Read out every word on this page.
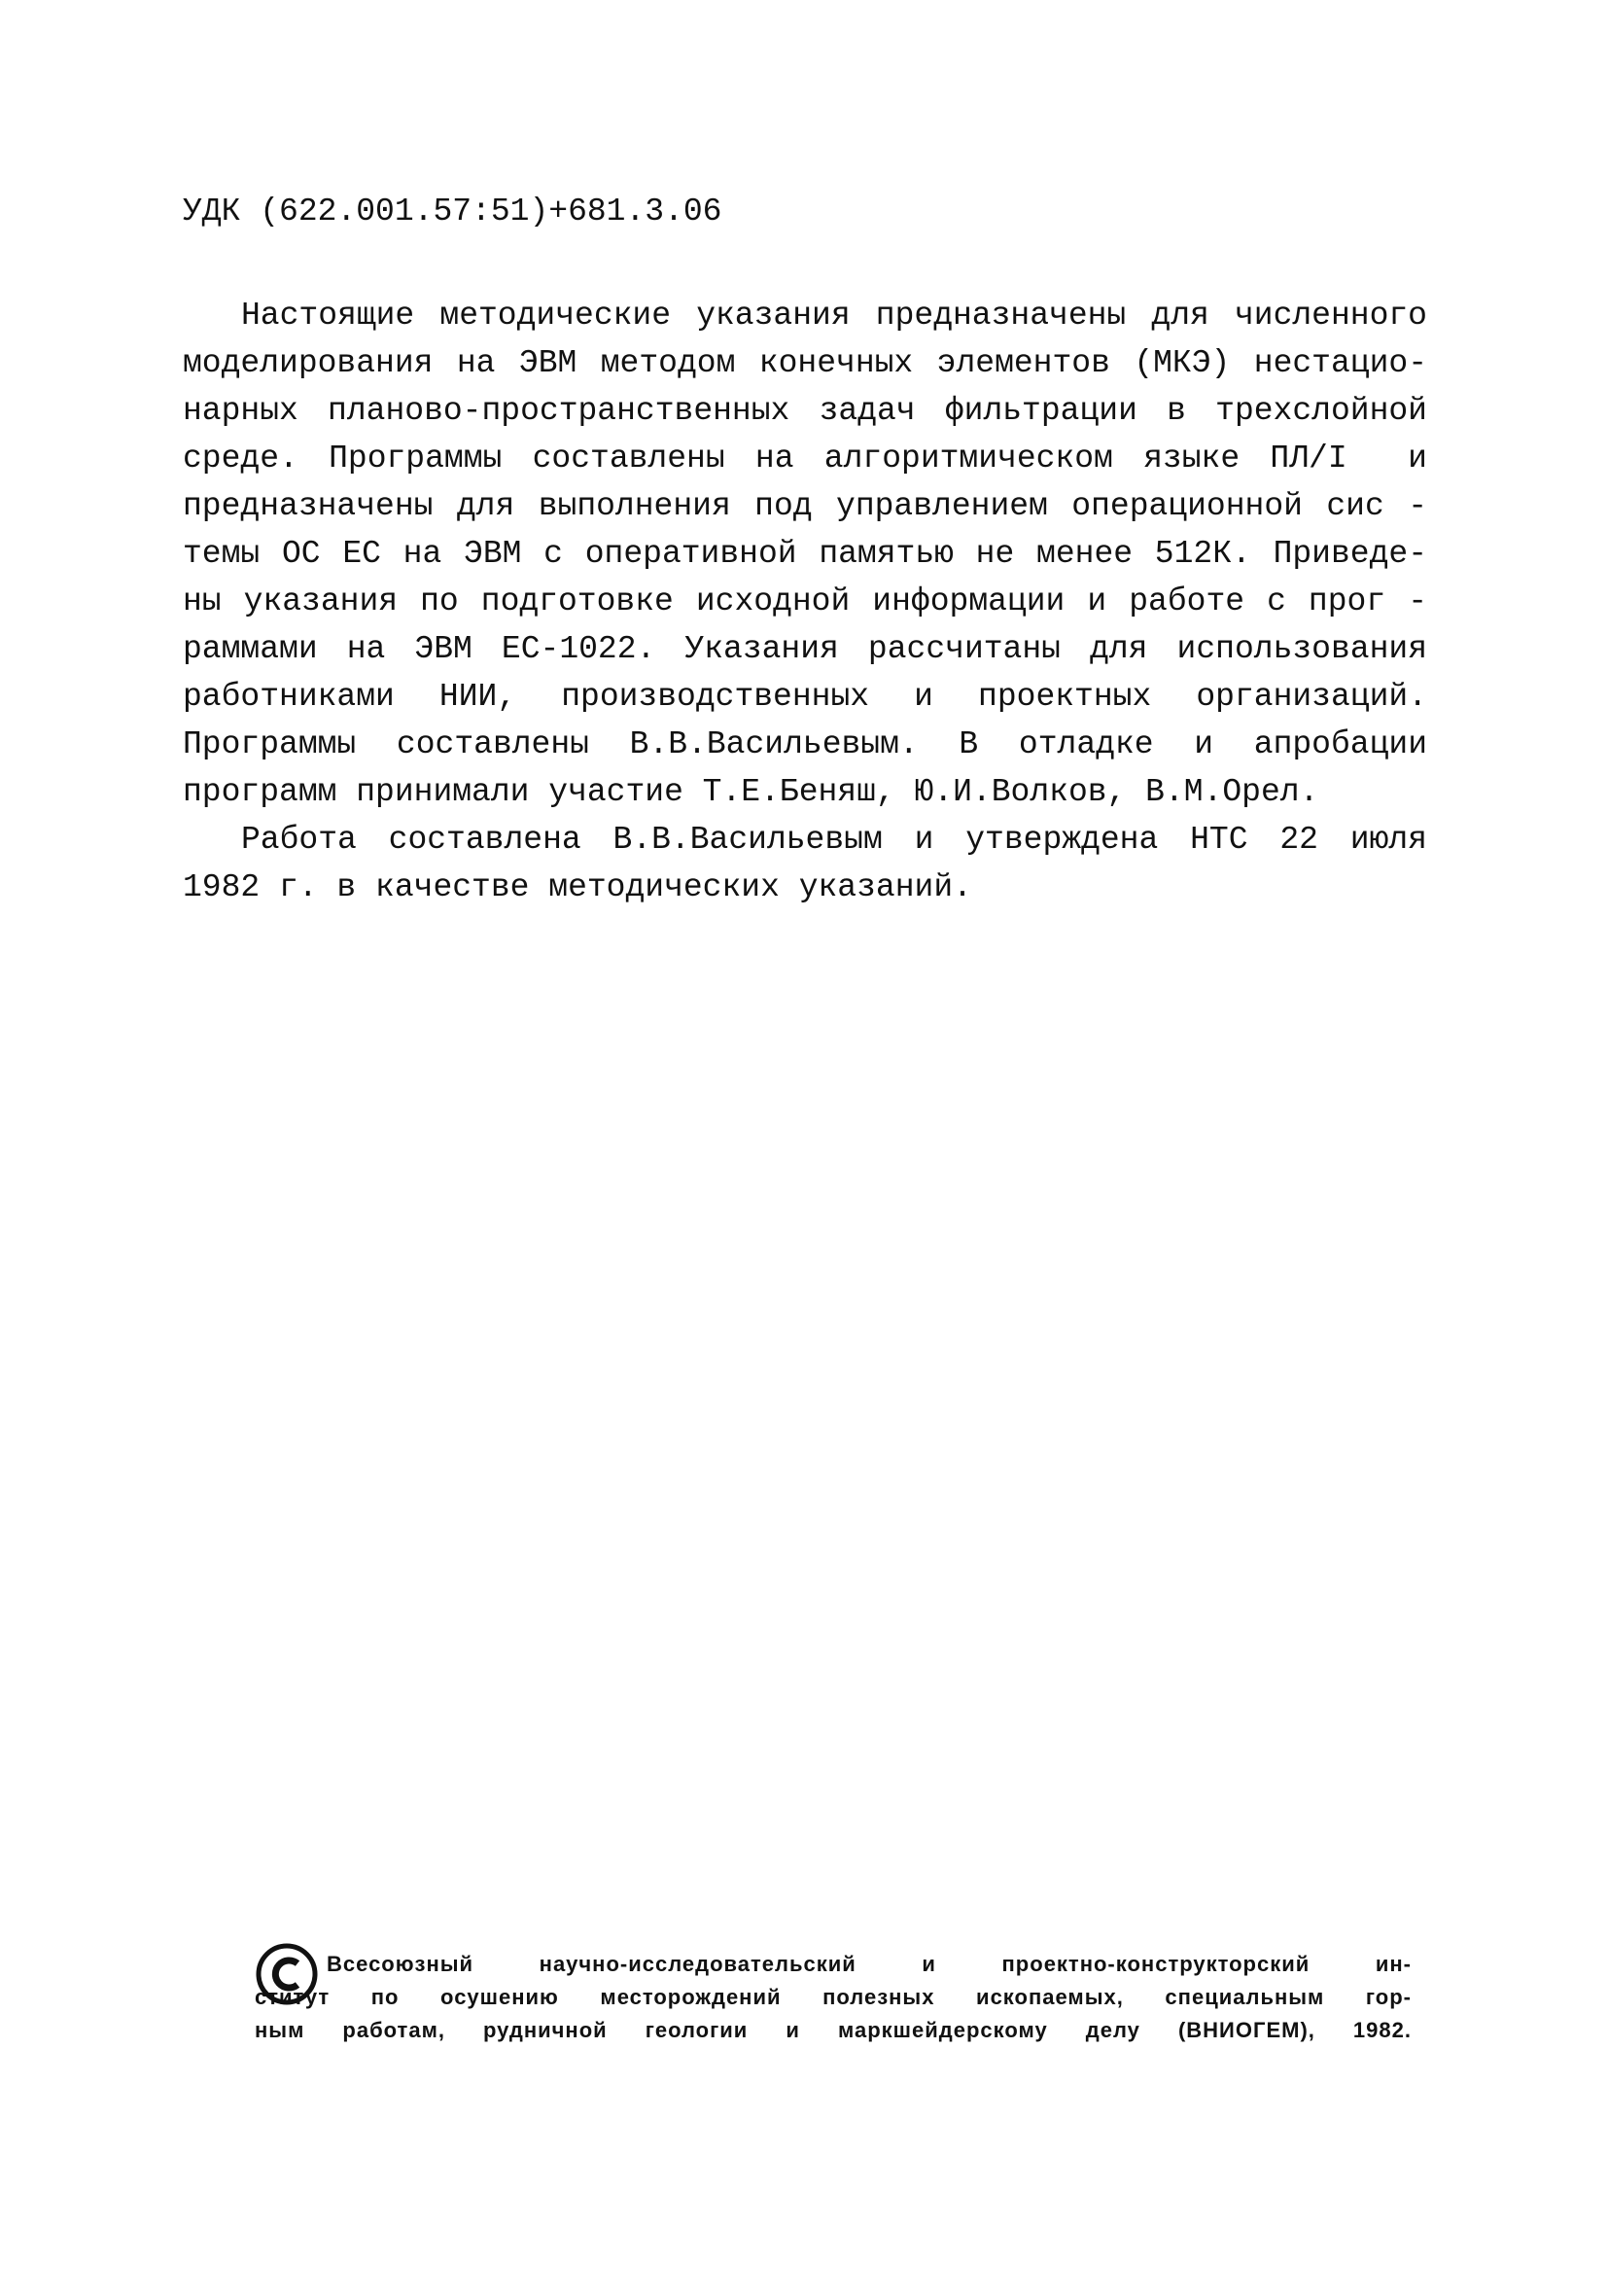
УДК (622.001.57:51)+681.3.06
Настоящие методические указания предназначены для численного
моделирования на ЭВМ методом конечных элементов (МКЭ) нестацио-
нарных планово-пространственных задач фильтрации в трехслойной
среде. Программы составлены на алгоритмическом языке ПЛ/I  и
предназначены для выполнения под управлением операционной сис -
темы ОС ЕС на ЭВМ с оперативной памятью не менее 512К. Приведе-
ны указания по подготовке исходной информации и работе с прог -
раммами на ЭВМ ЕС-1022. Указания рассчитаны для использования
работниками НИИ, производственных и проектных организаций.
Программы составлены В.В.Васильевым. В отладке и апробации
программ принимали участие Т.Е.Беняш, Ю.И.Волков, В.М.Орел.
Работа составлена В.В.Васильевым и утверждена НТС 22 июля
1982 г. в качестве методических указаний.
Всесоюзный научно-исследовательский и проектно-конструкторский ин-
ститут по осушению месторождений полезных ископаемых, специальным гор-
ным работам, рудничной геологии и маркшейдерскому делу (ВНИОГЕМ), 1982.
